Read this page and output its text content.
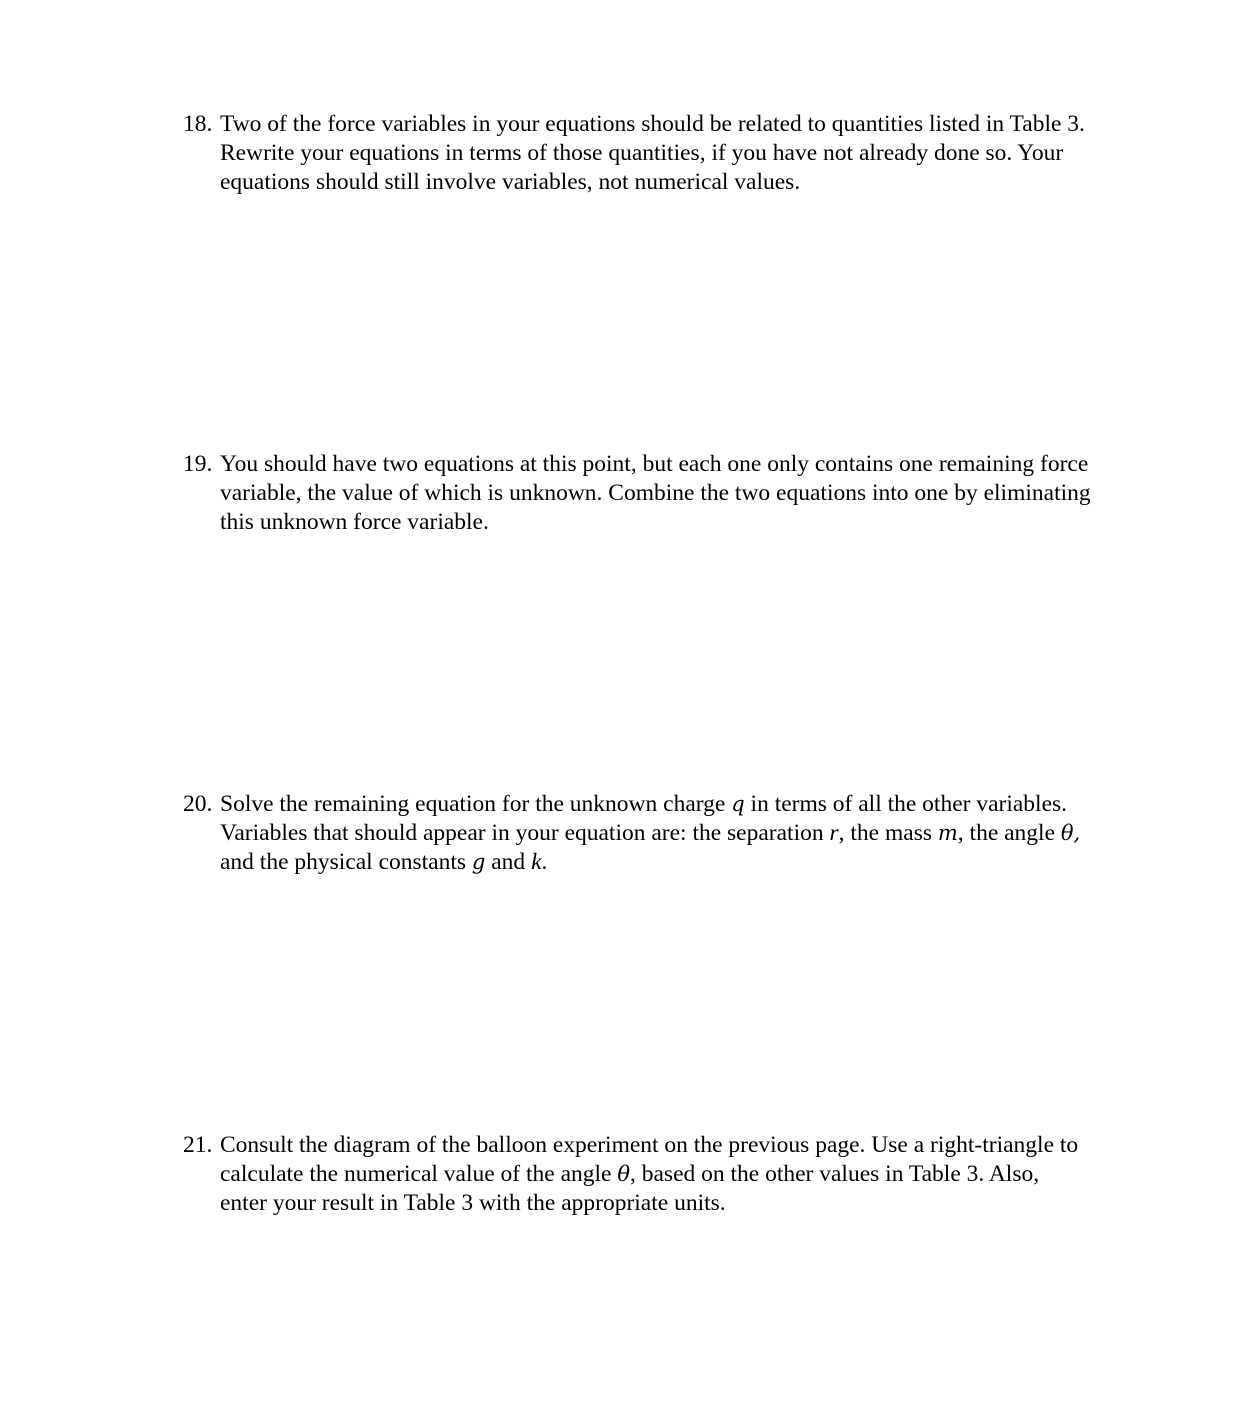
18. Two of the force variables in your equations should be related to quantities listed in Table 3.
Rewrite your equations in terms of those quantities, if you have not already done so. Your
equations should still involve variables, not numerical values.
19. You should have two equations at this point, but each one only contains one remaining force
variable, the value of which is unknown. Combine the two equations into one by eliminating
this unknown force variable.
20. Solve the remaining equation for the unknown charge q in terms of all the other variables.
Variables that should appear in your equation are: the separation r, the mass m, the angle θ,
and the physical constants g and k.
21. Consult the diagram of the balloon experiment on the previous page. Use a right-triangle to
calculate the numerical value of the angle θ, based on the other values in Table 3. Also,
enter your result in Table 3 with the appropriate units.
